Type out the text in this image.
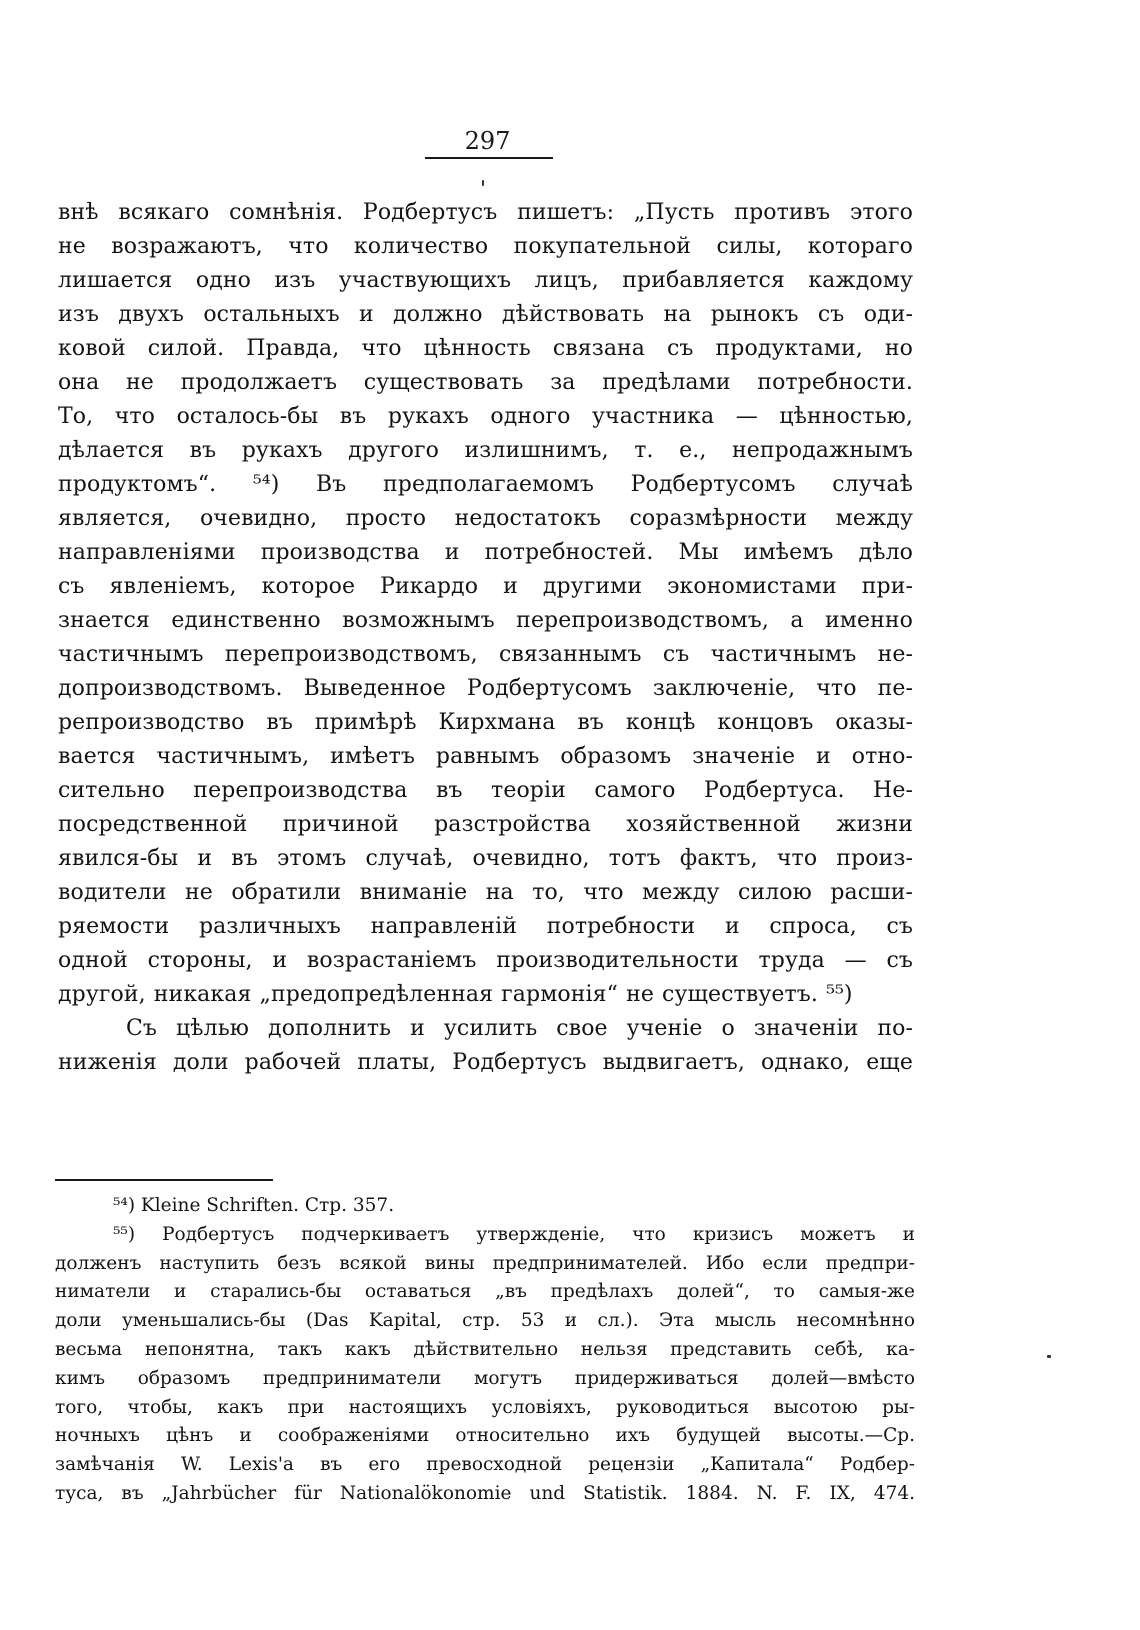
297
внѣ всякаго сомнѣнія. Родбертусъ пишетъ: „Пусть противъ этого
не возражаютъ, что количество покупательной силы, котораго
лишается одно изъ участвующихъ лицъ, прибавляется каждому
изъ двухъ остальныхъ и должно дѣйствовать на рынокъ съ оди-
ковой силой. Правда, что цѣнность связана съ продуктами, но
она не продолжаетъ существовать за предѣлами потребности.
То, что осталось-бы въ рукахъ одного участника — цѣнностью,
дѣлается въ рукахъ другого излишнимъ, т. е., непродажнымъ
продуктомъ“. ⁵⁴) Въ предполагаемомъ Родбертусомъ случаѣ
является, очевидно, просто недостатокъ соразмѣрности между
направленіями производства и потребностей. Мы имѣемъ дѣло
съ явленіемъ, которое Рикардо и другими экономистами при-
знается единственно возможнымъ перепроизводствомъ, а именно
частичнымъ перепроизводствомъ, связаннымъ съ частичнымъ не-
допроизводствомъ. Выведенное Родбертусомъ заключеніе, что пе-
репроизводство въ примѣрѣ Кирхмана въ концѣ концовъ оказы-
вается частичнымъ, имѣетъ равнымъ образомъ значеніе и отно-
сительно перепроизводства въ теоріи самого Родбертуса. Не-
посредственной причиной разстройства хозяйственной жизни
явился-бы и въ этомъ случаѣ, очевидно, тотъ фактъ, что произ-
водители не обратили вниманіе на то, что между силою расши-
ряемости различныхъ направленій потребности и спроса, съ
одной стороны, и возрастаніемъ производительности труда — съ
другой, никакая „предопредѣленная гармонія“ не существуетъ. ⁵⁵)
Съ цѣлью дополнить и усилить свое ученіе о значеніи по-
ниженія доли рабочей платы, Родбертусъ выдвигаетъ, однако, еще
⁵⁴) Kleine Schriften. Стр. 357.
⁵⁵) Родбертусъ подчеркиваетъ утвержденіе, что кризисъ можетъ и
долженъ наступить безъ всякой вины предпринимателей. Ибо если предпри-
ниматели и старались-бы оставаться „въ предѣлахъ долей“, то самыя-же
доли уменьшались-бы (Das Kapital, стр. 53 и сл.). Эта мысль несомнѣнно
весьма непонятна, такъ какъ дѣйствительно нельзя представить себѣ, ка-
кимъ образомъ предприниматели могутъ придерживаться долей—вмѣсто
того, чтобы, какъ при настоящихъ условіяхъ, руководиться высотою ры-
ночныхъ цѣнъ и соображеніями относительно ихъ будущей высоты.—Ср.
замѣчанія W. Lexis'a въ его превосходной рецензіи „Капитала“ Родбер-
туса, въ „Jahrbücher für Nationalökonomie und Statistik. 1884. N. F. IX, 474.
